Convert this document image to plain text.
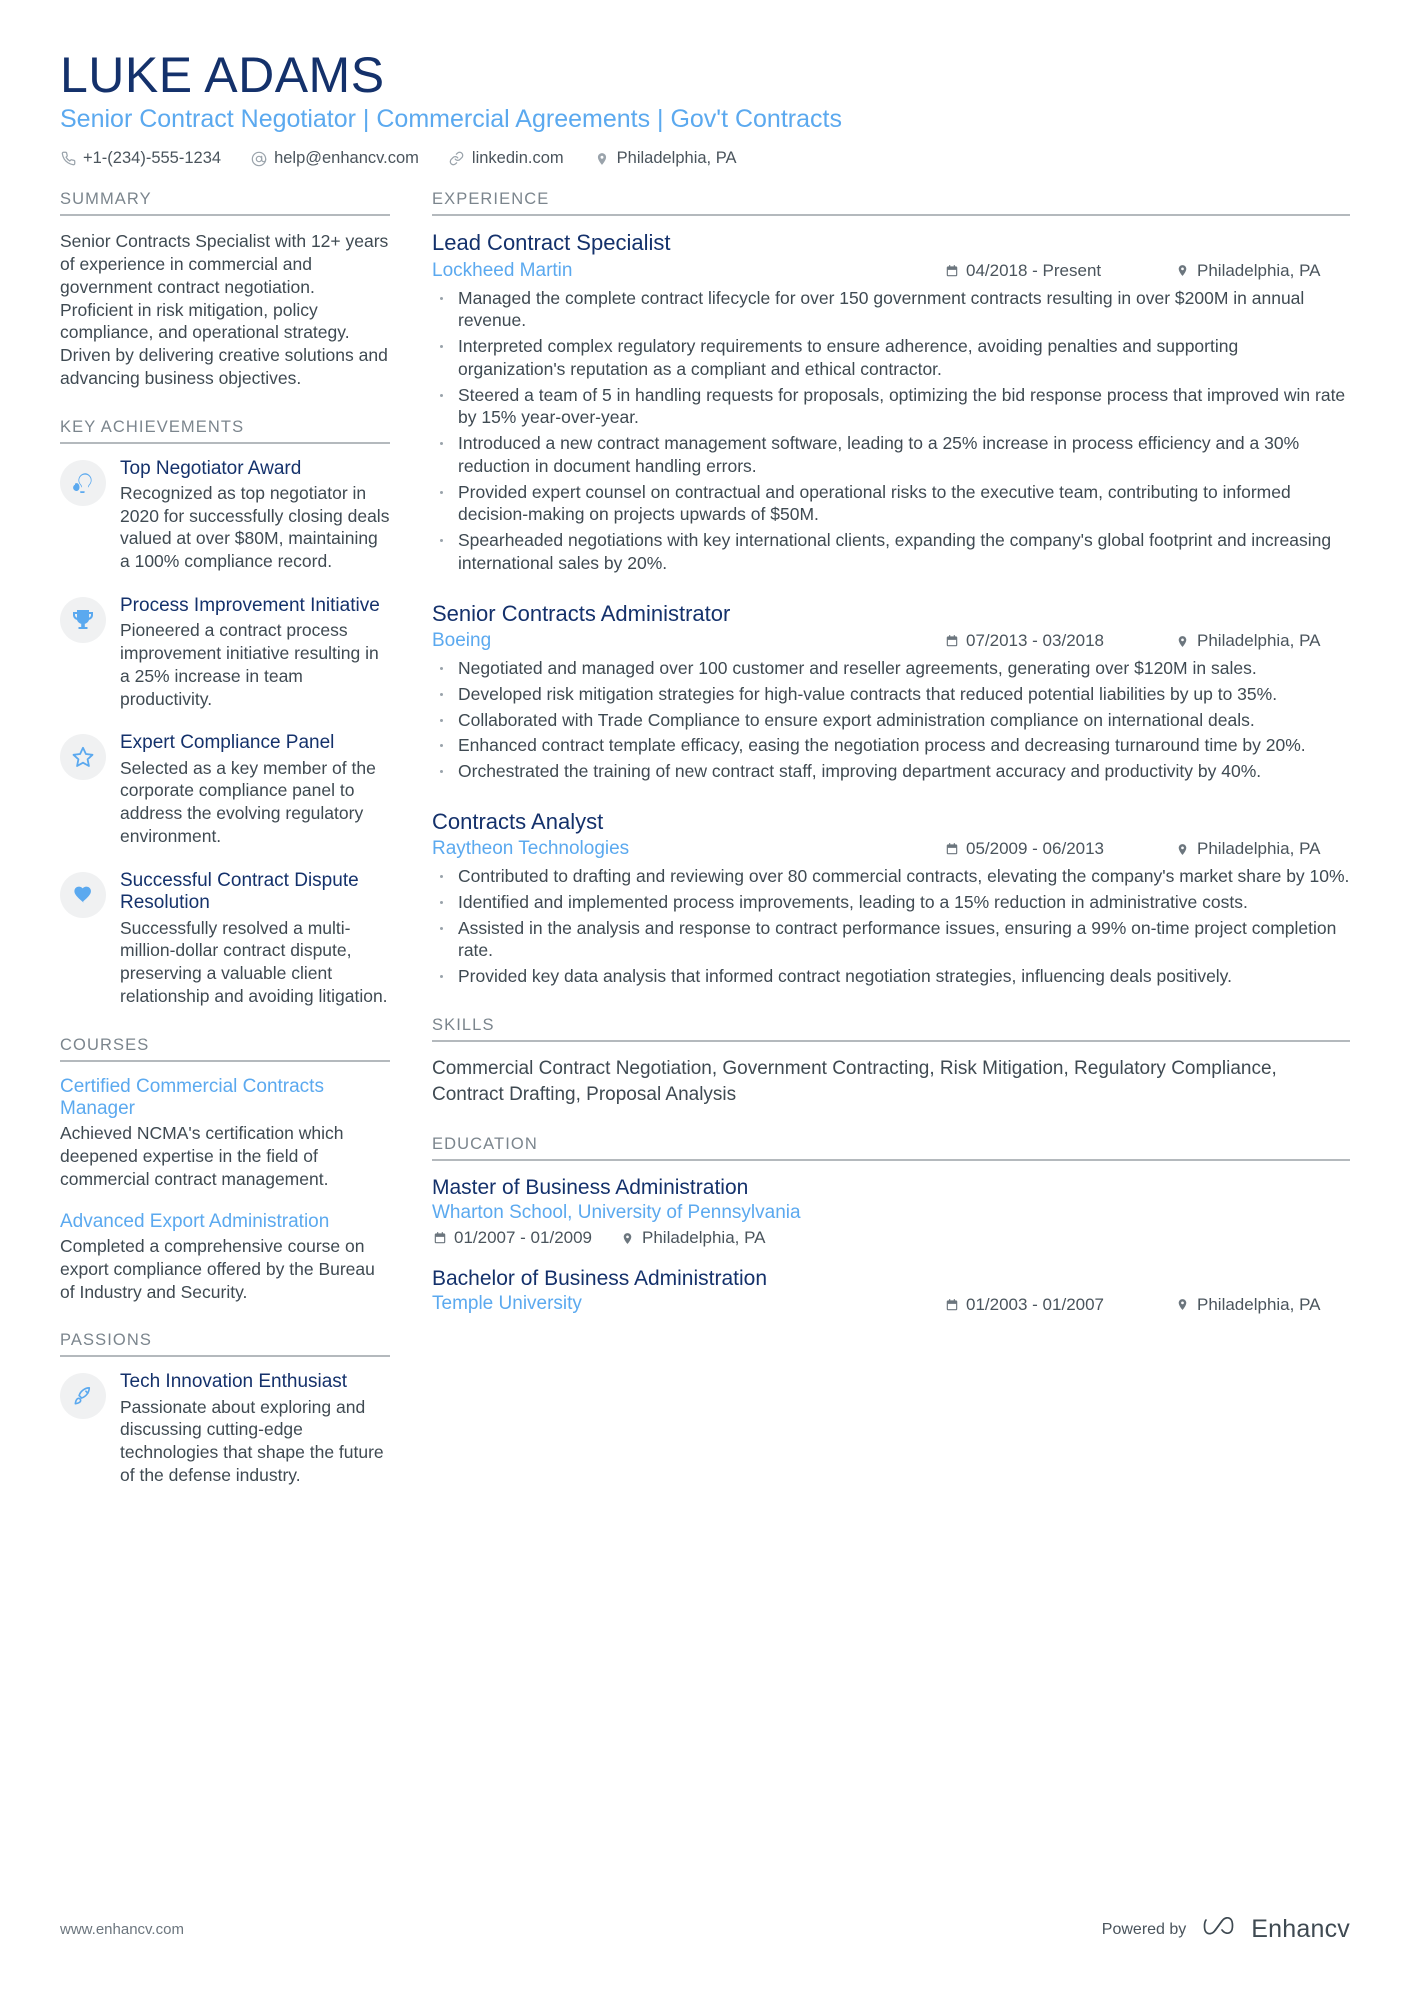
LUKE ADAMS
Senior Contract Negotiator | Commercial Agreements | Gov't Contracts
+1-(234)-555-1234	help@enhancv.com	linkedin.com	Philadelphia, PA
SUMMARY

Senior Contracts Specialist with 12+ years of experience in commercial and government contract negotiation. Proficient in risk mitigation, policy compliance, and operational strategy. Driven by delivering creative solutions and advancing business objectives.

KEY ACHIEVEMENTS
Top Negotiator Award

Recognized as top negotiator in 2020 for successfully closing deals valued at over $80M, maintaining a 100% compliance record.

Process Improvement Initiative

Pioneered a contract process improvement initiative resulting in a 25% increase in team productivity.

Expert Compliance Panel

Selected as a key member of the corporate compliance panel to address the evolving regulatory environment.

Successful Contract Dispute Resolution

Successfully resolved a multi-million-dollar contract dispute, preserving a valuable client relationship and avoiding litigation.

COURSES
Certified Commercial Contracts Manager

Achieved NCMA's certification which deepened expertise in the field of commercial contract management.

Advanced Export Administration

Completed a comprehensive course on export compliance offered by the Bureau of Industry and Security.

PASSIONS
Tech Innovation Enthusiast

Passionate about exploring and discussing cutting-edge technologies that shape the future of the defense industry.

EXPERIENCE
Lead Contract Specialist
Lockheed Martin	04/2018 - Present	Philadelphia, PA
Managed the complete contract lifecycle for over 150 government contracts resulting in over $200M in annual revenue.
Interpreted complex regulatory requirements to ensure adherence, avoiding penalties and supporting organization's reputation as a compliant and ethical contractor.
Steered a team of 5 in handling requests for proposals, optimizing the bid response process that improved win rate by 15% year-over-year.
Introduced a new contract management software, leading to a 25% increase in process efficiency and a 30% reduction in document handling errors.
Provided expert counsel on contractual and operational risks to the executive team, contributing to informed decision-making on projects upwards of $50M.
Spearheaded negotiations with key international clients, expanding the company's global footprint and increasing international sales by 20%.
Senior Contracts Administrator
Boeing	07/2013 - 03/2018	Philadelphia, PA
Negotiated and managed over 100 customer and reseller agreements, generating over $120M in sales.
Developed risk mitigation strategies for high-value contracts that reduced potential liabilities by up to 35%.
Collaborated with Trade Compliance to ensure export administration compliance on international deals.
Enhanced contract template efficacy, easing the negotiation process and decreasing turnaround time by 20%.
Orchestrated the training of new contract staff, improving department accuracy and productivity by 40%.
Contracts Analyst
Raytheon Technologies	05/2009 - 06/2013	Philadelphia, PA
Contributed to drafting and reviewing over 80 commercial contracts, elevating the company's market share by 10%.
Identified and implemented process improvements, leading to a 15% reduction in administrative costs.
Assisted in the analysis and response to contract performance issues, ensuring a 99% on-time project completion rate.
Provided key data analysis that informed contract negotiation strategies, influencing deals positively.
SKILLS

Commercial Contract Negotiation, Government Contracting, Risk Mitigation, Regulatory Compliance, Contract Drafting, Proposal Analysis

EDUCATION
Master of Business Administration
Wharton School, University of Pennsylvania
01/2007 - 01/2009	Philadelphia, PA
Bachelor of Business Administration
Temple University	01/2003 - 01/2007	Philadelphia, PA
www.enhancv.com	Powered by	Enhancv
